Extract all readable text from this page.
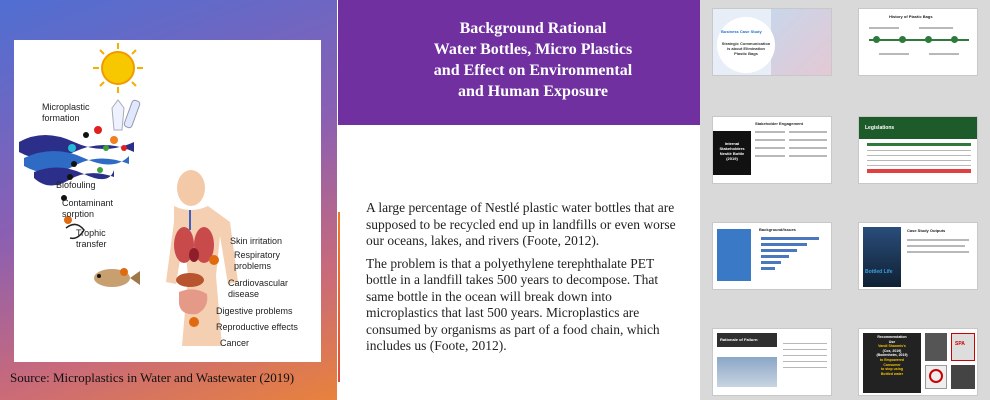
Microplastic formation
Biofouling
Contaminant sorption
Trophic transfer	Skin irritation
Respiratory problems
Cardiovascular disease
Digestive problems
Reproductive effects
Cancer
Source: Microplastics in Water and Wastewater (2019)
Background Rational
Water Bottles, Micro Plastics
and Effect on Environmental
and Human Exposure

A large percentage of Nestlé plastic water bottles that are supposed to be recycled end up in landfills or even worse our oceans, lakes, and rivers (Foote, 2012).

The problem is that a polyethylene terephthalate PET bottle in a landfill takes 500 years to decompose. That same bottle in the ocean will break down into microplastics that last 500 years. Microplastics are consumed by organisms as part of a food chain, which includes us (Foote, 2012).

Business Case Study
Strategic Communication is about Elimination Plastic Bags
History of Plastic Bags
Internal Stakeholders Nestlé Bottle (2019)
Stakeholder Engagement
Legislations
Background/Issues
Bottled Life
Case Study Outputs
Rationale of Failure:	Recommendation
Use
Vandi Shanmis's
(Cox, 2019)
(Bodenheim, 2019)
to Empowered
Consumer
to stop using
Bottled water
SPA
